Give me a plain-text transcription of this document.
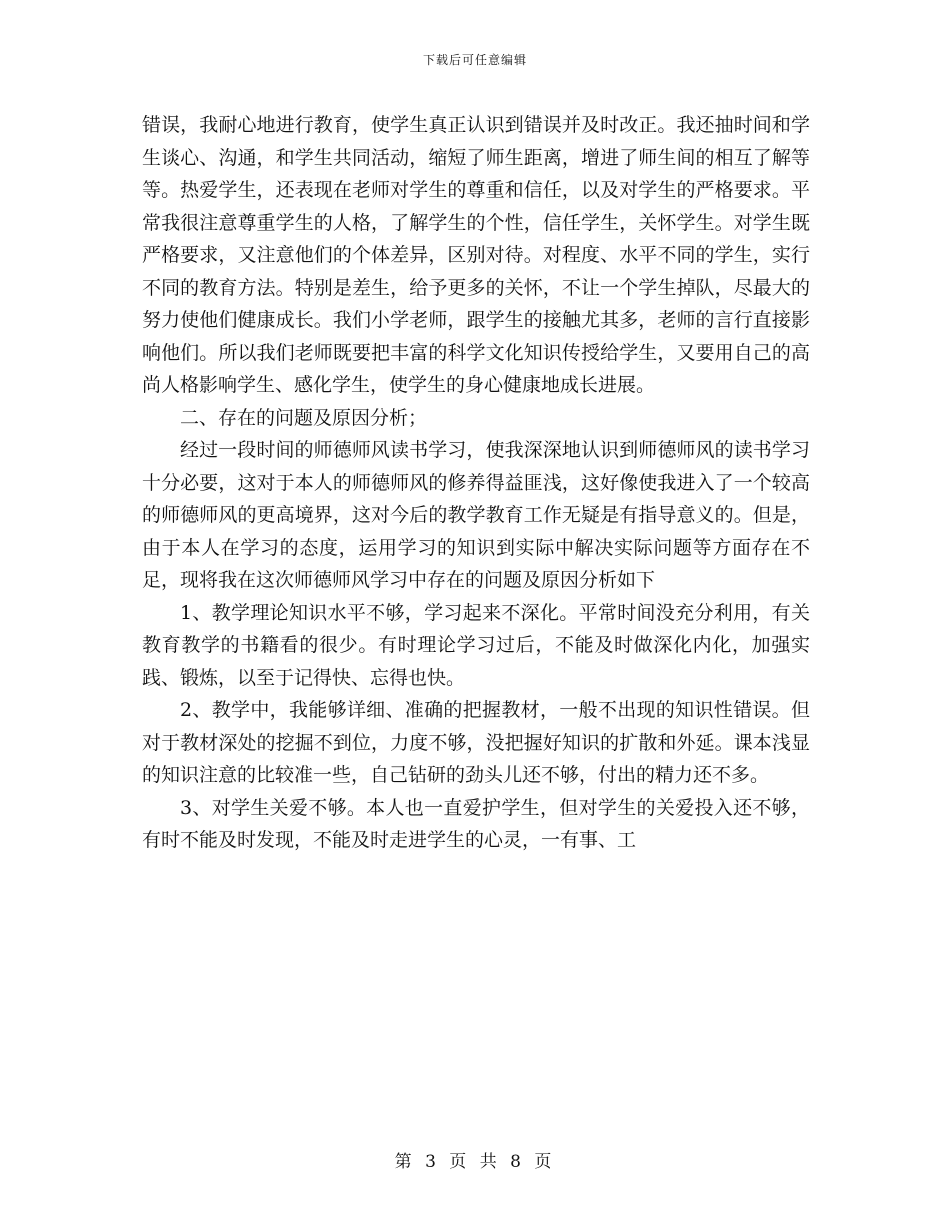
下载后可任意编辑

错误，我耐心地进行教育，使学生真正认识到错误并及时改正。我还抽时间和学生谈心、沟通，和学生共同活动，缩短了师生距离，增进了师生间的相互了解等等。热爱学生，还表现在老师对学生的尊重和信任，以及对学生的严格要求。平常我很注意尊重学生的人格，了解学生的个性，信任学生，关怀学生。对学生既严格要求，又注意他们的个体差异，区别对待。对程度、水平不同的学生，实行不同的教育方法。特别是差生，给予更多的关怀，不让一个学生掉队，尽最大的努力使他们健康成长。我们小学老师，跟学生的接触尤其多，老师的言行直接影响他们。所以我们老师既要把丰富的科学文化知识传授给学生，又要用自己的高尚人格影响学生、感化学生，使学生的身心健康地成长进展。

二、存在的问题及原因分析；

经过一段时间的师德师风读书学习，使我深深地认识到师德师风的读书学习十分必要，这对于本人的师德师风的修养得益匪浅，这好像使我进入了一个较高的师德师风的更高境界，这对今后的教学教育工作无疑是有指导意义的。但是，由于本人在学习的态度，运用学习的知识到实际中解决实际问题等方面存在不足，现将我在这次师德师风学习中存在的问题及原因分析如下

1、教学理论知识水平不够，学习起来不深化。平常时间没充分利用，有关教育教学的书籍看的很少。有时理论学习过后，不能及时做深化内化，加强实践、锻炼，以至于记得快、忘得也快。

2、教学中，我能够详细、准确的把握教材，一般不出现的知识性错误。但对于教材深处的挖掘不到位，力度不够，没把握好知识的扩散和外延。课本浅显的知识注意的比较准一些，自己钻研的劲头儿还不够，付出的精力还不多。

3、对学生关爱不够。本人也一直爱护学生，但对学生的关爱投入还不够，有时不能及时发现，不能及时走进学生的心灵，一有事、工

第 3 页 共 8 页
